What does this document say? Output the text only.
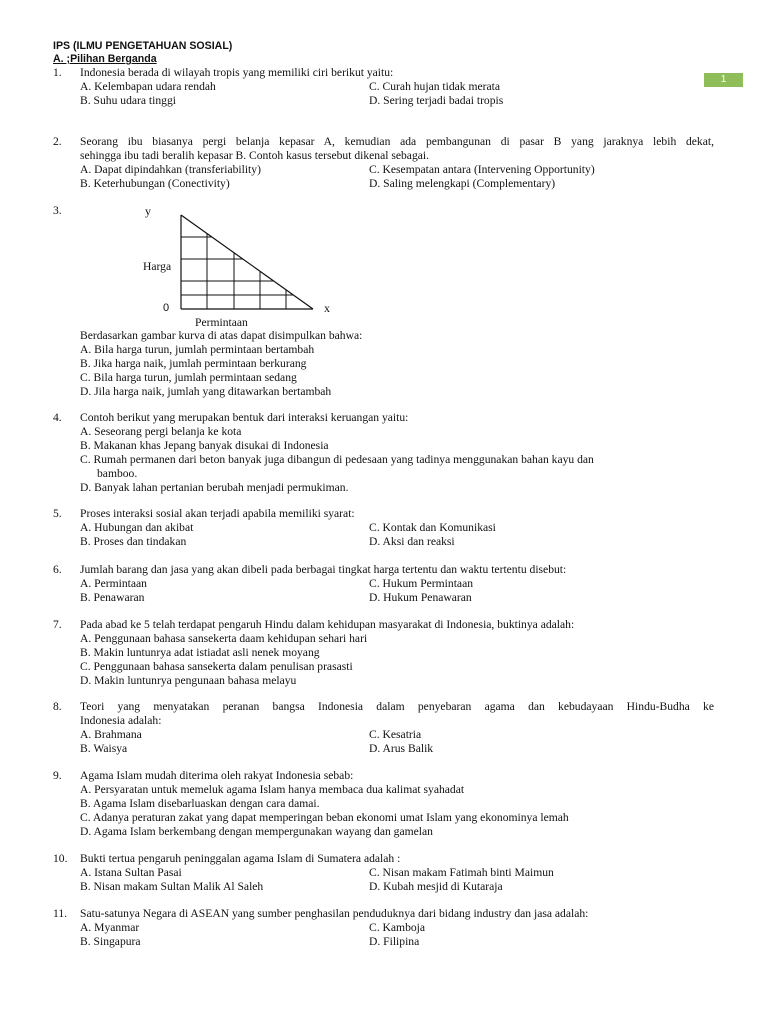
IPS (ILMU PENGETAHUAN SOSIAL)
A. ;Pilihan Berganda
1
1. Indonesia berada di wilayah tropis yang memiliki ciri berikut yaitu:
A. Kelembapan udara rendah	C. Curah hujan tidak merata
B. Suhu udara tinggi	D. Sering terjadi badai tropis
2. Seorang ibu biasanya pergi belanja kepasar A, kemudian ada pembangunan di pasar B yang jaraknya lebih dekat,
sehingga ibu tadi beralih kepasar B. Contoh kasus tersebut dikenal sebagai.
A. Dapat dipindahkan (transferiability)	C. Kesempatan antara (Intervening Opportunity)
B. Keterhubungan (Conectivity)	D. Saling melengkapi (Complementary)
3.	y
Harga
0	x
Permintaan
Berdasarkan gambar kurva di atas dapat disimpulkan bahwa:
A. Bila harga turun, jumlah permintaan bertambah
B. Jika harga naik, jumlah permintaan berkurang
C. Bila harga turun, jumlah permintaan sedang
D. Jila harga naik, jumlah yang ditawarkan bertambah
4. Contoh berikut yang merupakan bentuk dari interaksi keruangan yaitu:
A. Seseorang pergi belanja ke kota
B. Makanan khas Jepang banyak disukai di Indonesia
C. Rumah permanen dari beton banyak juga dibangun di pedesaan yang tadinya menggunakan bahan kayu dan
bamboo.
D. Banyak lahan pertanian berubah menjadi permukiman.
5. Proses interaksi sosial akan terjadi apabila memiliki syarat:
A. Hubungan dan akibat	C. Kontak dan Komunikasi
B. Proses dan tindakan	D. Aksi dan reaksi
6. Jumlah barang dan jasa yang akan dibeli pada berbagai tingkat harga tertentu dan waktu tertentu disebut:
A. Permintaan	C. Hukum Permintaan
B. Penawaran	D. Hukum Penawaran
7. Pada abad ke 5 telah terdapat pengaruh Hindu dalam kehidupan masyarakat di Indonesia, buktinya adalah:
A. Penggunaan bahasa sansekerta daam kehidupan sehari hari
B. Makin luntunrya adat istiadat asli nenek moyang
C. Penggunaan bahasa sansekerta dalam penulisan prasasti
D. Makin luntunrya pengunaan bahasa melayu
8. Teori yang menyatakan peranan bangsa Indonesia dalam penyebaran agama dan kebudayaan Hindu-Budha ke
Indonesia adalah:
A. Brahmana	C. Kesatria
B. Waisya	D. Arus Balik
9. Agama Islam mudah diterima oleh rakyat Indonesia sebab:
A. Persyaratan untuk memeluk agama Islam hanya membaca dua kalimat syahadat
B. Agama Islam disebarluaskan dengan cara damai.
C. Adanya peraturan zakat yang dapat memperingan beban ekonomi umat Islam yang ekonominya lemah
D. Agama Islam berkembang dengan mempergunakan wayang dan gamelan
10. Bukti tertua pengaruh peninggalan agama Islam di Sumatera adalah :
A. Istana Sultan Pasai	C. Nisan makam Fatimah binti Maimun
B. Nisan makam Sultan Malik Al Saleh	D. Kubah mesjid di Kutaraja
11. Satu-satunya Negara di ASEAN yang sumber penghasilan penduduknya dari bidang industry dan jasa adalah:
A. Myanmar	C. Kamboja
B. Singapura	D. Filipina
